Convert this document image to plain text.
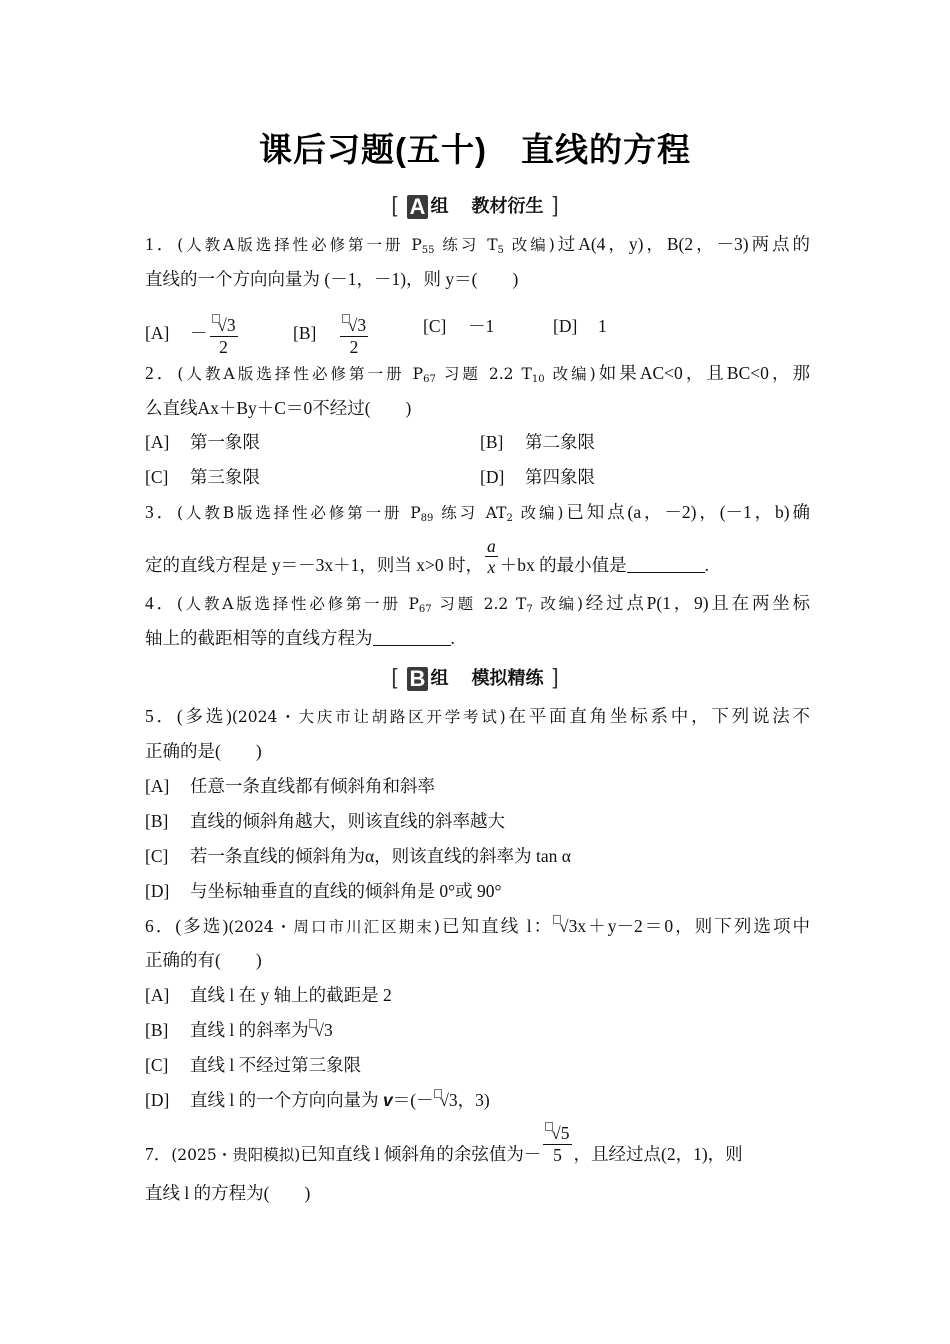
课后习题(五十) 直线的方程
[ A 组 教材衍生 ]
1．(人教A版选择性必修第一册 $P_{55}$ 练习 $T_5$ 改编)过A(4，y)，B(2，－3)两点的
直线的一个方向向量为 (－1，－1)，则 y＝(　　)
$[A] - \frac{√3}{2}$	$[B] \frac{√3}{2}$	[C] －1	[D] 1
2．(人教A版选择性必修第一册 $P_{67}$ 习题 2.2 $T_{10}$ 改编)如果AC<0，且BC<0，那
么直线Ax＋By＋C＝0不经过(　　)
[A] 第一象限	[B] 第二象限
[C] 第三象限	[D] 第四象限
3．(人教B版选择性必修第一册 $P_{89}$ 练习 $AT_2$ 改编)已知点(a，－2)，(－1，b)确
定的直线方程是 y＝－3x＋1，则当 x>0 时， $\frac{a}{x} +bx$ 的最小值是	.
4．(人教A版选择性必修第一册 $P_{67}$ 习题 2.2 $T_7$ 改编)经过点P(1，9)且在两坐标
轴上的截距相等的直线方程为	.
[ B 组 模拟精练 ]
5．(多选)(2024・大庆市让胡路区开学考试)在平面直角坐标系中，下列说法不
正确的是(　　)
[A] 任意一条直线都有倾斜角和斜率
[B] 直线的倾斜角越大，则该直线的斜率越大
[C] 若一条直线的倾斜角为α，则该直线的斜率为 tan α
[D] 与坐标轴垂直的直线的倾斜角是 0°或 90°
6．(多选)(2024・周口市川汇区期末)已知直线 l： √3x＋y－2＝0，则下列选项中
正确的有(　　)
[A] 直线 l 在 y 轴上的截距是 2
[B] 直线 l 的斜率为 √3
[C] 直线 l 不经过第三象限
[D] 直线 l 的一个方向向量为 v＝(－ √3，3)
7．(2025・贵阳模拟)已知直线 l 倾斜角的余弦值为－ $\frac{√5}{5}$ ，且经过点(2，1)，则
直线 l 的方程为(　　)
